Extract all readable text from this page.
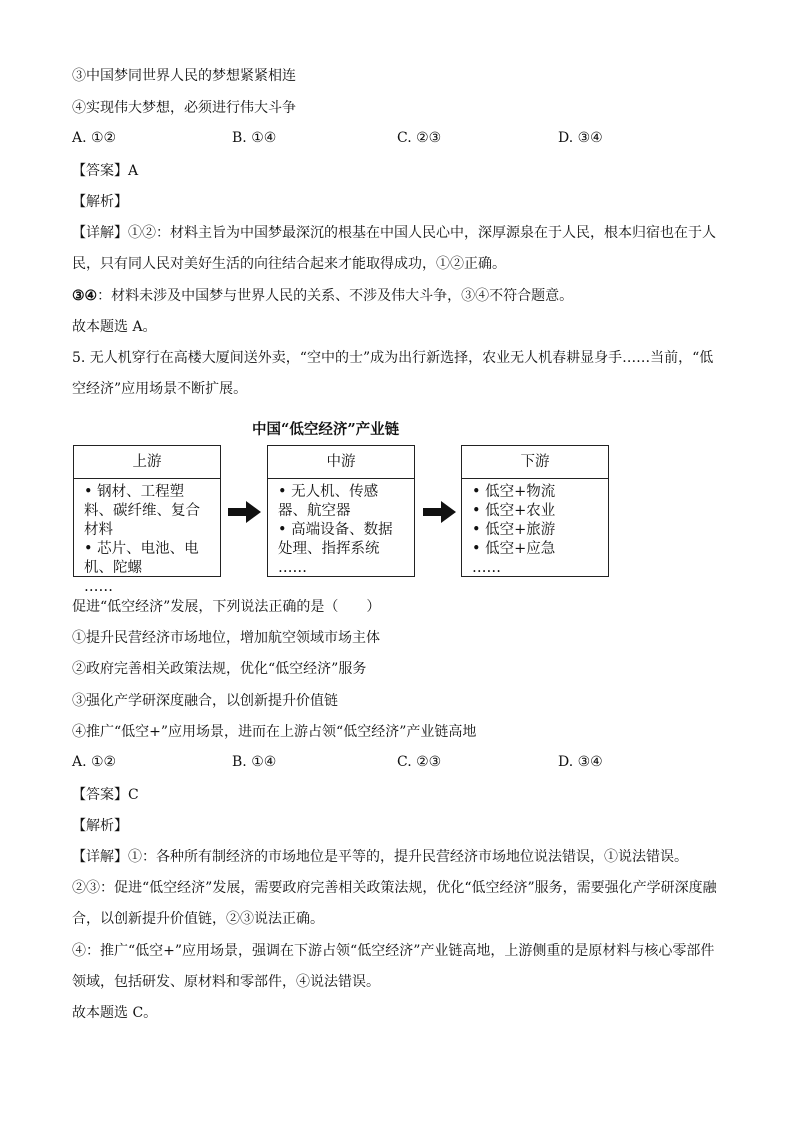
③中国梦同世界人民的梦想紧紧相连
④实现伟大梦想，必须进行伟大斗争
A. ①②	B. ①④	C. ②③	D. ③④
【答案】A
【解析】
【详解】①②：材料主旨为中国梦最深沉的根基在中国人民心中，深厚源泉在于人民，根本归宿也在于人民，只有同人民对美好生活的向往结合起来才能取得成功，①②正确。
③④：材料未涉及中国梦与世界人民的关系、不涉及伟大斗争，③④不符合题意。
故本题选 A。
5. 无人机穿行在高楼大厦间送外卖，“空中的士”成为出行新选择，农业无人机春耕显身手……当前，“低空经济”应用场景不断扩展。
中国“低空经济”产业链
上游
• 钢材、工程塑料、碳纤维、复合材料
• 芯片、电池、电机、陀螺
……
中游
• 无人机、传感器、航空器
• 高端设备、数据处理、指挥系统
……
下游
• 低空+物流
• 低空+农业
• 低空+旅游
• 低空+应急
……
促进“低空经济”发展，下列说法正确的是（　　）
①提升民营经济市场地位，增加航空领域市场主体
②政府完善相关政策法规，优化“低空经济”服务
③强化产学研深度融合，以创新提升价值链
④推广“低空+”应用场景，进而在上游占领“低空经济”产业链高地
A. ①②	B. ①④	C. ②③	D. ③④
【答案】C
【解析】
【详解】①：各种所有制经济的市场地位是平等的，提升民营经济市场地位说法错误，①说法错误。
②③：促进“低空经济”发展，需要政府完善相关政策法规，优化“低空经济”服务，需要强化产学研深度融合，以创新提升价值链，②③说法正确。
④：推广“低空+”应用场景，强调在下游占领“低空经济”产业链高地，上游侧重的是原材料与核心零部件领域，包括研发、原材料和零部件，④说法错误。
故本题选 C。
